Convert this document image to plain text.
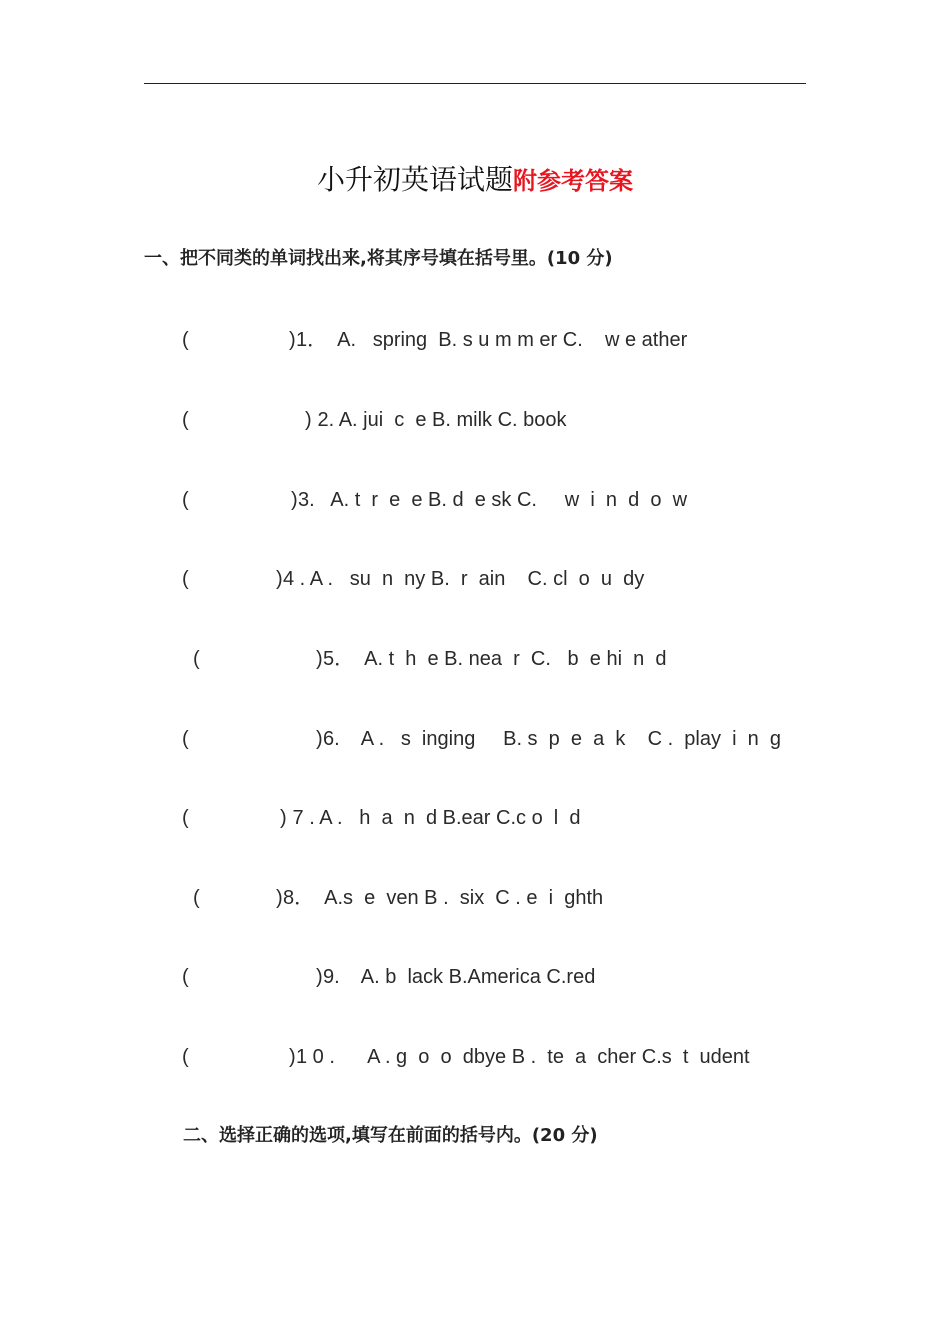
小升初英语试题附参考答案
一、把不同类的单词找出来,将其序号填在括号里。(10 分)

(

	)

1．  A.   spring  B. s u m m er C.    w e ather

(

	)

2. A. jui  c  e B. milk C. book

(

	)

3.   A. t  r  e  e B. d  e sk C.     w  i  n  d  o  w

(

	)

4 . A .   su  n  ny B.  r  ain    C. cl  o  u  dy

(

	)

5．  A. t  h  e B. nea  r  C.   b  e hi  n  d

(

	)

6.    A .   s  inging     B. s  p  e  a  k    C .  play  i  n  g

(

	)

7 . A .   h  a  n  d B.ear C.c o  l  d

(

	)

8．  A.s  e  ven B .  six  C . e  i  ghth

(

	)

9.    A. b  lack B.America C.red

(

	)

1 0 .      A . g  o  o  dbye B .  te  a  cher C.s  t  udent

二、选择正确的选项,填写在前面的括号内。(20 分)
